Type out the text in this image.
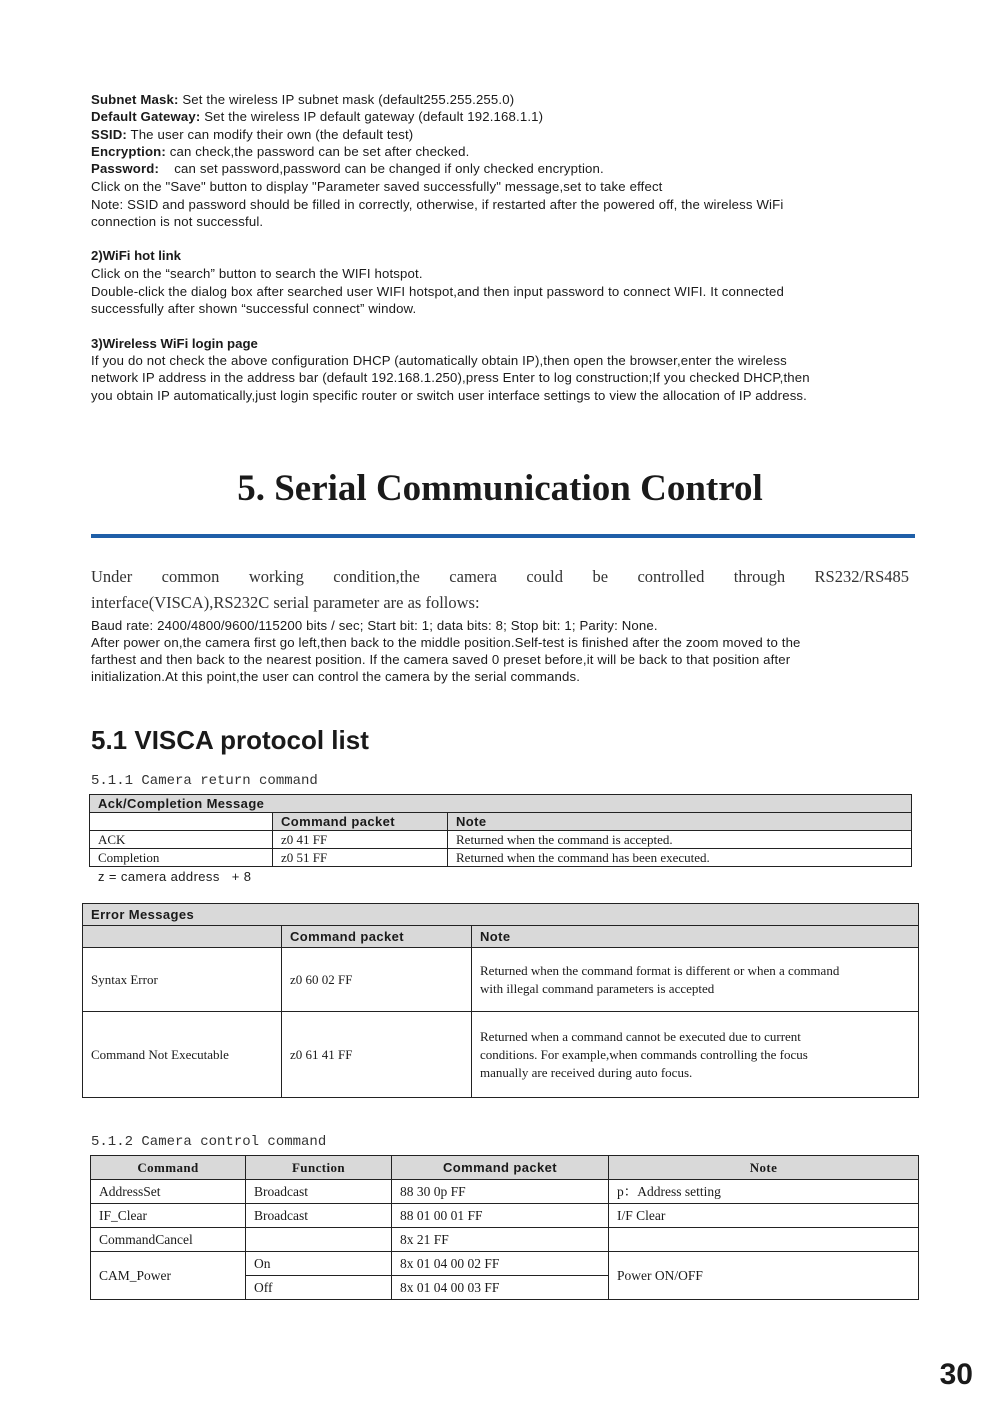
Subnet Mask: Set the wireless IP subnet mask (default255.255.255.0)
Default Gateway: Set the wireless IP default gateway (default 192.168.1.1)
SSID: The user can modify their own (the default test)
Encryption: can check,the password can be set after checked.
Password:    can set password,password can be changed if only checked encryption.
Click on the "Save" button to display "Parameter saved successfully" message,set to take effect
Note: SSID and password should be filled in correctly, otherwise, if restarted after the powered off, the wireless WiFi
connection is not successful.
2)WiFi hot link
Click on the “search” button to search the WIFI hotspot.
Double-click the dialog box after searched user WIFI hotspot,and then input password to connect WIFI. It connected
successfully after shown “successful connect” window.
3)Wireless WiFi login page
If you do not check the above configuration DHCP (automatically obtain IP),then open the browser,enter the wireless
network IP address in the address bar (default 192.168.1.250),press Enter to log construction;If you checked DHCP,then
you obtain IP automatically,just login specific router or switch user interface settings to view the allocation of IP address.
5. Serial Communication Control
Under common working condition,the camera could be controlled through RS232/RS485
interface(VISCA),RS232C serial parameter are as follows:
Baud rate: 2400/4800/9600/115200 bits / sec; Start bit: 1; data bits: 8; Stop bit: 1; Parity: None.
After power on,the camera first go left,then back to the middle position.Self-test is finished after the zoom moved to the
farthest and then back to the nearest position. If the camera saved 0 preset before,it will be back to that position after
initialization.At this point,the user can control the camera by the serial commands.
5.1 VISCA protocol list
5.1.1 Camera return command
Ack/Completion Message		
	Command packet	Note
ACK	z0 41 FF	Returned when the command is accepted.
Completion	z0 51 FF	Returned when the command has been executed.
z = camera address   + 8
Error Messages		
	Command packet	Note
Syntax Error	z0 60 02 FF	Returned when the command format is different or when a command
with illegal command parameters is accepted

Command Not Executable	z0 61 41 FF	Returned when a command cannot be executed due to current
conditions. For example,when commands controlling the focus
manually are received during auto focus.
5.1.2 Camera control command
Command	Function	Command packet	Note
AddressSet	Broadcast	88 30 0p FF	p：Address setting
IF_Clear	Broadcast	88 01 00 01 FF	I/F Clear
CommandCancel		8x 21 FF	
CAM_Power	On	8x 01 04 00 02 FF	Power ON/OFF
	Off	8x 01 04 00 03 FF	
30
